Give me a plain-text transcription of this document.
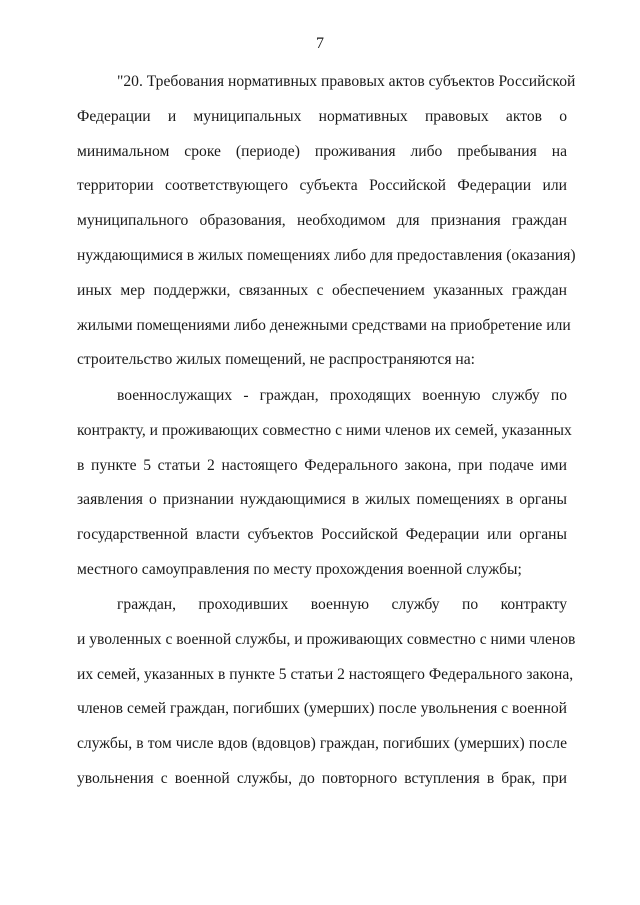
7
"20. Требования нормативных правовых актов субъектов Российской
Федерации и муниципальных нормативных правовых актов о
минимальном сроке (периоде) проживания либо пребывания на
территории соответствующего субъекта Российской Федерации или
муниципального образования, необходимом для признания граждан
нуждающимися в жилых помещениях либо для предоставления (оказания)
иных мер поддержки, связанных с обеспечением указанных граждан
жилыми помещениями либо денежными средствами на приобретение или
строительство жилых помещений, не распространяются на:
военнослужащих - граждан, проходящих военную службу по
контракту, и проживающих совместно с ними членов их семей, указанных
в пункте 5 статьи 2 настоящего Федерального закона, при подаче ими
заявления о признании нуждающимися в жилых помещениях в органы
государственной власти субъектов Российской Федерации или органы
местного самоуправления по месту прохождения военной службы;
граждан, проходивших военную службу по контракту
и уволенных с военной службы, и проживающих совместно с ними членов
их семей, указанных в пункте 5 статьи 2 настоящего Федерального закона,
членов семей граждан, погибших (умерших) после увольнения с военной
службы, в том числе вдов (вдовцов) граждан, погибших (умерших) после
увольнения с военной службы, до повторного вступления в брак, при
